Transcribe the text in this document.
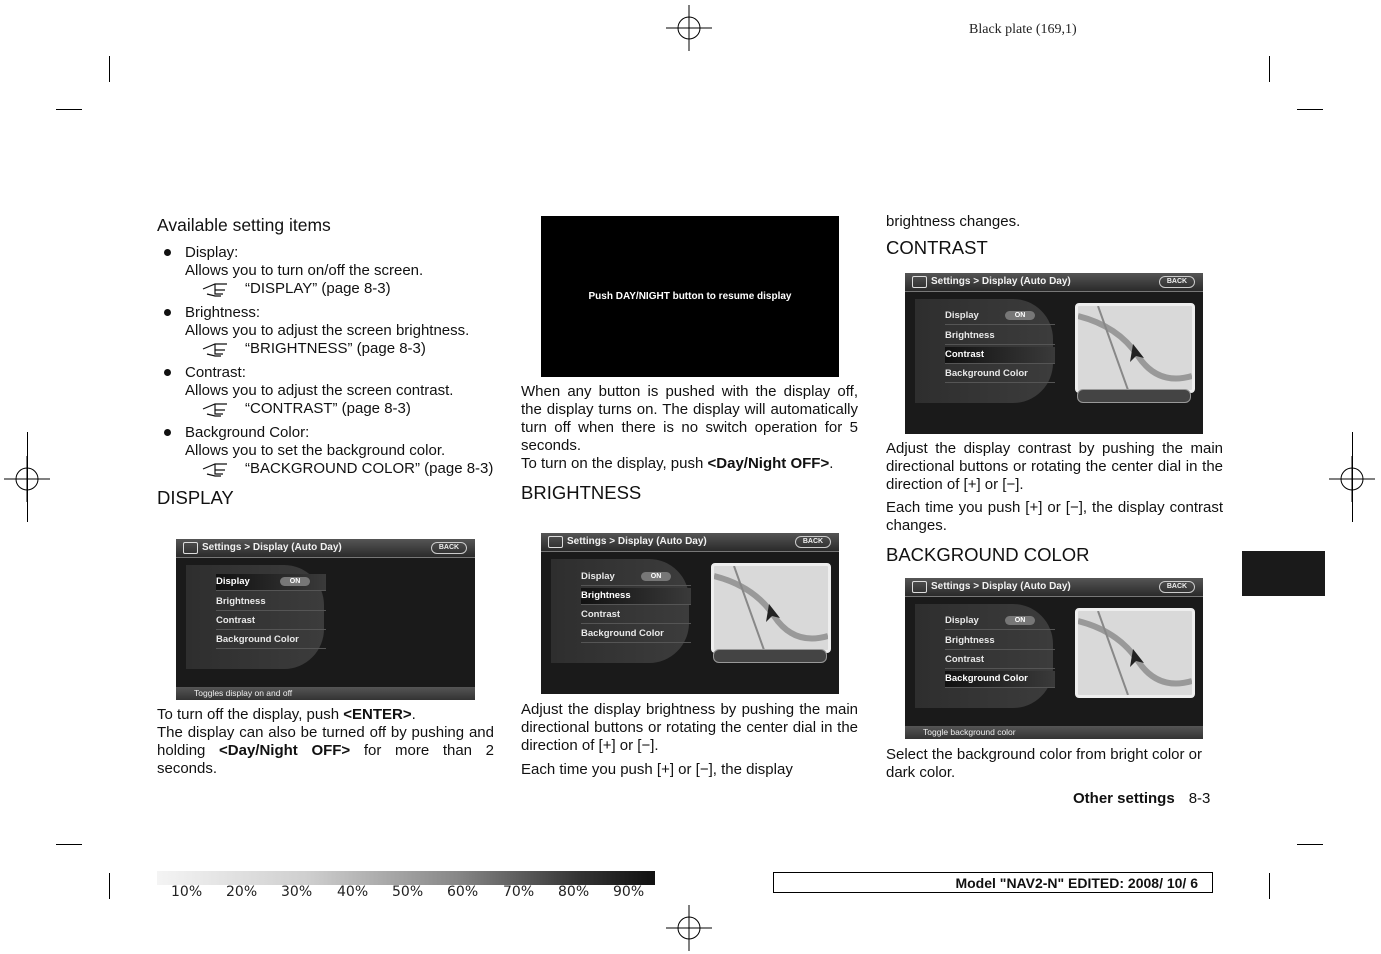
Black plate (169,1)
Available setting items
Display:
Allows you to turn on/off the screen.
“DISPLAY” (page 8-3)
Brightness:
Allows you to adjust the screen brightness.
“BRIGHTNESS” (page 8-3)
Contrast:
Allows you to adjust the screen contrast.
“CONTRAST” (page 8-3)
Background Color:
Allows you to set the background color.
“BACKGROUND COLOR” (page 8-3)
DISPLAY
Settings > Display (Auto Day)	BACK
Display	ON
Brightness
Contrast
Background Color
Toggles display on and off

To turn off the display, push <ENTER>.

The display can also be turned off by pushing and holding <Day/Night OFF> for more than 2 seconds.

Push DAY/NIGHT button to resume display

When any button is pushed with the display off, the display turns on. The display will automatically turn off when there is no switch operation for 5 seconds.

To turn on the display, push <Day/Night OFF>.

BRIGHTNESS
Settings > Display (Auto Day)	BACK
Display	ON
Brightness
Contrast
Background Color

Adjust the display brightness by pushing the main directional buttons or rotating the center dial in the direction of [+] or [−].

Each time you push [+] or [−], the display

brightness changes.

CONTRAST
Settings > Display (Auto Day)	BACK
Display	ON
Brightness
Contrast
Background Color

Adjust the display contrast by pushing the main directional buttons or rotating the center dial in the direction of [+] or [−].

Each time you push [+] or [−], the display contrast changes.

BACKGROUND COLOR
Settings > Display (Auto Day)	BACK
Display	ON
Brightness
Contrast
Background Color
Toggle background color

Select the background color from bright color or dark color.

Other settings 8-3
10% 20% 30% 40% 50% 60% 70% 80% 90%
Model "NAV2-N" EDITED: 2008/ 10/ 6
